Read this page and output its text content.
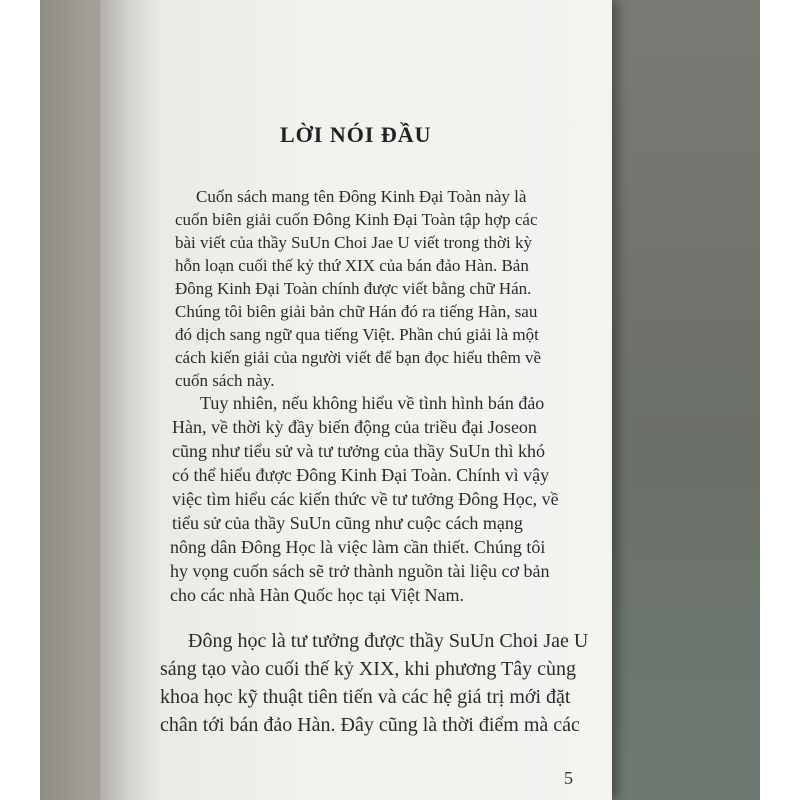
LỜI NÓI ĐẦU
Cuốn sách mang tên Đông Kinh Đại Toàn này là
cuốn biên giải cuốn Đông Kinh Đại Toàn tập hợp các
bài viết của thầy SuUn Choi Jae U viết trong thời kỳ
hỗn loạn cuối thế kỷ thứ XIX của bán đảo Hàn. Bản
Đông Kinh Đại Toàn chính được viết bằng chữ Hán.
Chúng tôi biên giải bản chữ Hán đó ra tiếng Hàn, sau
đó dịch sang ngữ qua tiếng Việt. Phần chú giải là một
cách kiến giải của người viết để bạn đọc hiểu thêm về
cuốn sách này.
Tuy nhiên, nếu không hiểu về tình hình bán đảo
Hàn, về thời kỳ đầy biến động của triều đại Joseon
cũng như tiểu sử và tư tưởng của thầy SuUn thì khó
có thể hiểu được Đông Kinh Đại Toàn. Chính vì vậy
việc tìm hiểu các kiến thức về tư tưởng Đông Học, về
tiểu sử của thầy SuUn cũng như cuộc cách mạng
nông dân Đông Học là việc làm cần thiết. Chúng tôi
hy vọng cuốn sách sẽ trở thành nguồn tài liệu cơ bản
cho các nhà Hàn Quốc học tại Việt Nam.
Đông học là tư tưởng được thầy SuUn Choi Jae U
sáng tạo vào cuối thế kỷ XIX, khi phương Tây cùng
khoa học kỹ thuật tiên tiến và các hệ giá trị mới đặt
chân tới bán đảo Hàn. Đây cũng là thời điểm mà các
5
